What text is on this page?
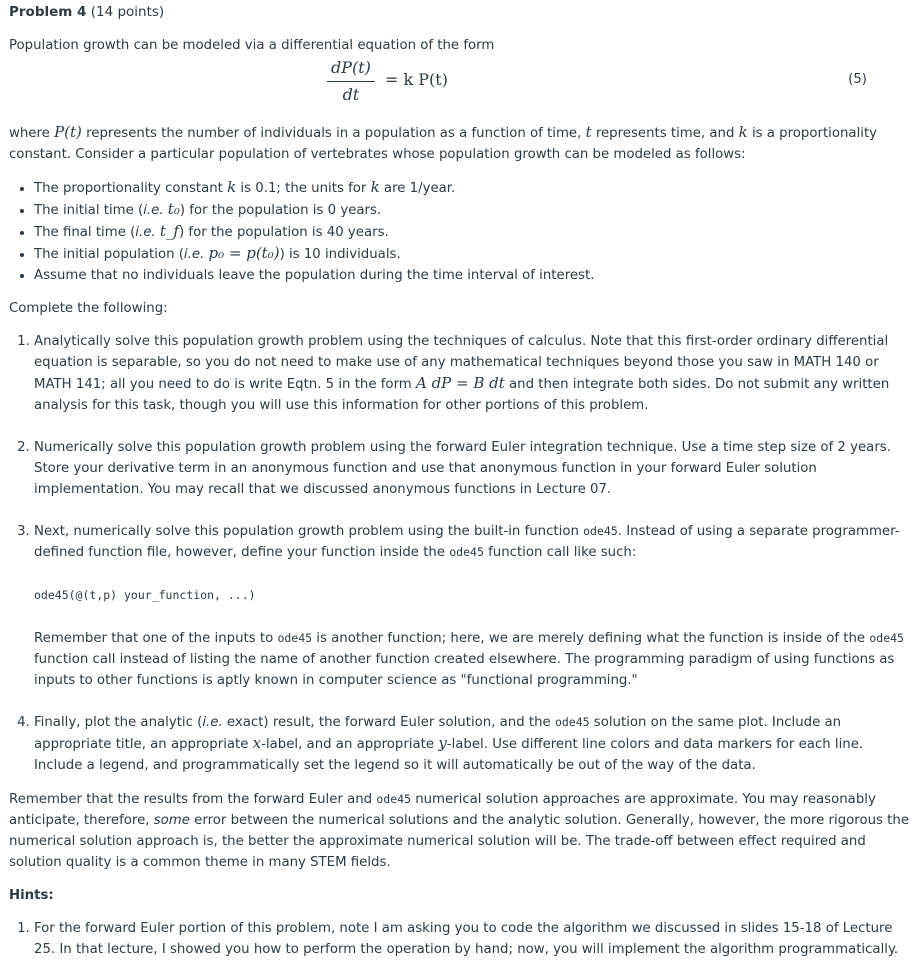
Problem 4 (14 points)

Population growth can be modeled via a differential equation of the form

$\frac{dP(t)}{dt} = k$ P(t)	(5)

where P(t) represents the number of individuals in a population as a function of time, t represents time, and k is a proportionality constant. Consider a particular population of vertebrates whose population growth can be modeled as follows:

• The proportionality constant k is 0.1; the units for k are 1/year.
• The initial time (i.e. t₀) for the population is 0 years.
• The final time (i.e. t_f) for the population is 40 years.
• The initial population (i.e. p₀ = p(t₀)) is 10 individuals.
• Assume that no individuals leave the population during the time interval of interest.

Complete the following:

1. Analytically solve this population growth problem using the techniques of calculus. Note that this first-order ordinary differential equation is separable, so you do not need to make use of any mathematical techniques beyond those you saw in MATH 140 or MATH 141; all you need to do is write Eqtn. 5 in the form A dP = B dt and then integrate both sides. Do not submit any written analysis for this task, though you will use this information for other portions of this problem.
2. Numerically solve this population growth problem using the forward Euler integration technique. Use a time step size of 2 years. Store your derivative term in an anonymous function and use that anonymous function in your forward Euler solution implementation. You may recall that we discussed anonymous functions in Lecture 07.
3. Next, numerically solve this population growth problem using the built-in function ode45. Instead of using a separate programmer-defined function file, however, define your function inside the ode45 function call like such:
ode45(@(t,p) your_function, ...)
Remember that one of the inputs to ode45 is another function; here, we are merely defining what the function is inside of the ode45 function call instead of listing the name of another function created elsewhere. The programming paradigm of using functions as inputs to other functions is aptly known in computer science as "functional programming."
4. Finally, plot the analytic (i.e. exact) result, the forward Euler solution, and the ode45 solution on the same plot. Include an appropriate title, an appropriate x-label, and an appropriate y-label. Use different line colors and data markers for each line. Include a legend, and programmatically set the legend so it will automatically be out of the way of the data.

Remember that the results from the forward Euler and ode45 numerical solution approaches are approximate. You may reasonably anticipate, therefore, some error between the numerical solutions and the analytic solution. Generally, however, the more rigorous the numerical solution approach is, the better the approximate numerical solution will be. The trade-off between effect required and solution quality is a common theme in many STEM fields.

Hints:

1. For the forward Euler portion of this problem, note I am asking you to code the algorithm we discussed in slides 15-18 of Lecture 25. In that lecture, I showed you how to perform the operation by hand; now, you will implement the algorithm programmatically.
